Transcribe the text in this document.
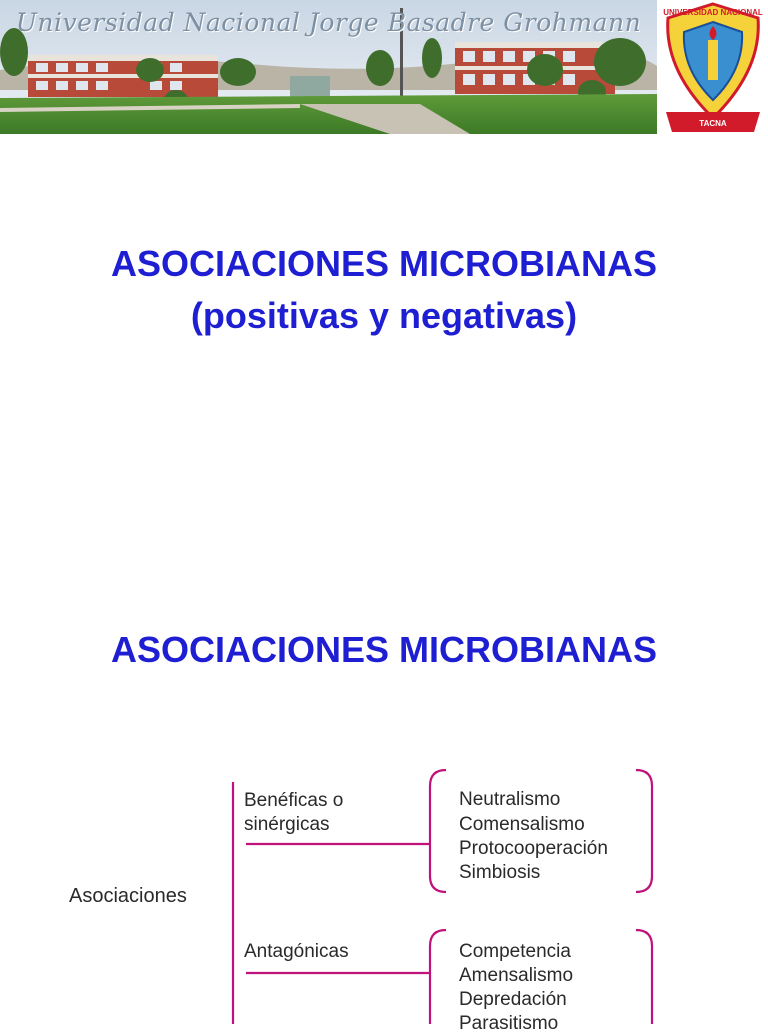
Universidad Nacional Jorge Basadre Grohmann	UNIVERSIDAD NACIONAL
TACNA
ASOCIACIONES MICROBIANAS
(positivas y negativas)
ASOCIACIONES MICROBIANAS
Asociaciones
Benéficas o
sinérgicas
Neutralismo
Comensalismo
Protocooperación
Simbiosis
Antagónicas	Competencia
Amensalismo
Depredación
Parasitismo
